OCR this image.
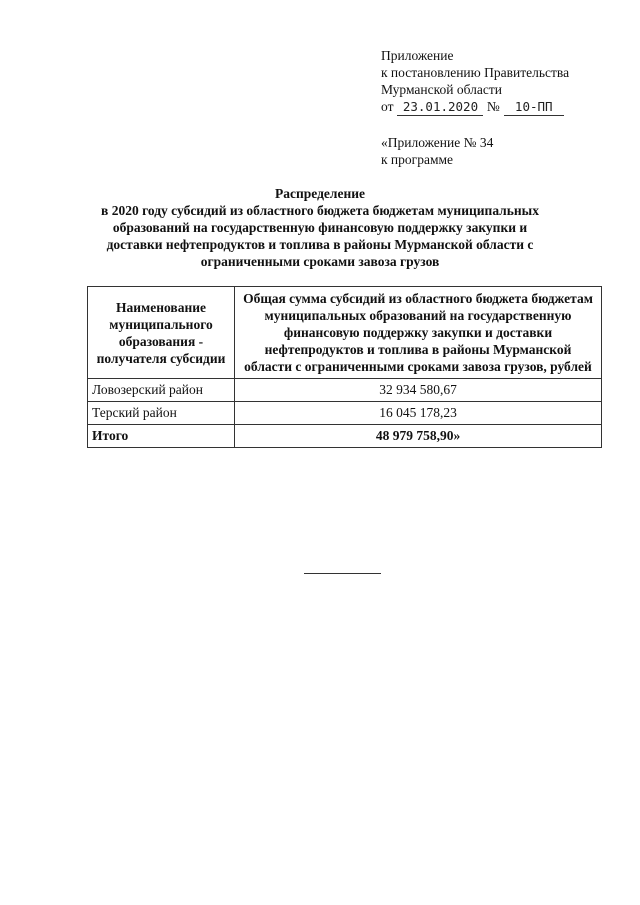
Приложение
к постановлению Правительства
Мурманской области
от 23.01.2020 № 10-ПП
«Приложение № 34
к программе
Распределение
в 2020 году субсидий из областного бюджета бюджетам муниципальных
образований на государственную финансовую поддержку закупки и
доставки нефтепродуктов и топлива в районы Мурманской области с
ограниченными сроками завоза грузов
Наименование муниципального образования - получателя субсидии	Общая сумма субсидий из областного бюджета бюджетам муниципальных образований на государственную финансовую поддержку закупки и доставки нефтепродуктов и топлива в районы Мурманской области с ограниченными сроками завоза грузов, рублей
Ловозерский район	32 934 580,67
Терский район	16 045 178,23
Итого	48 979 758,90»
